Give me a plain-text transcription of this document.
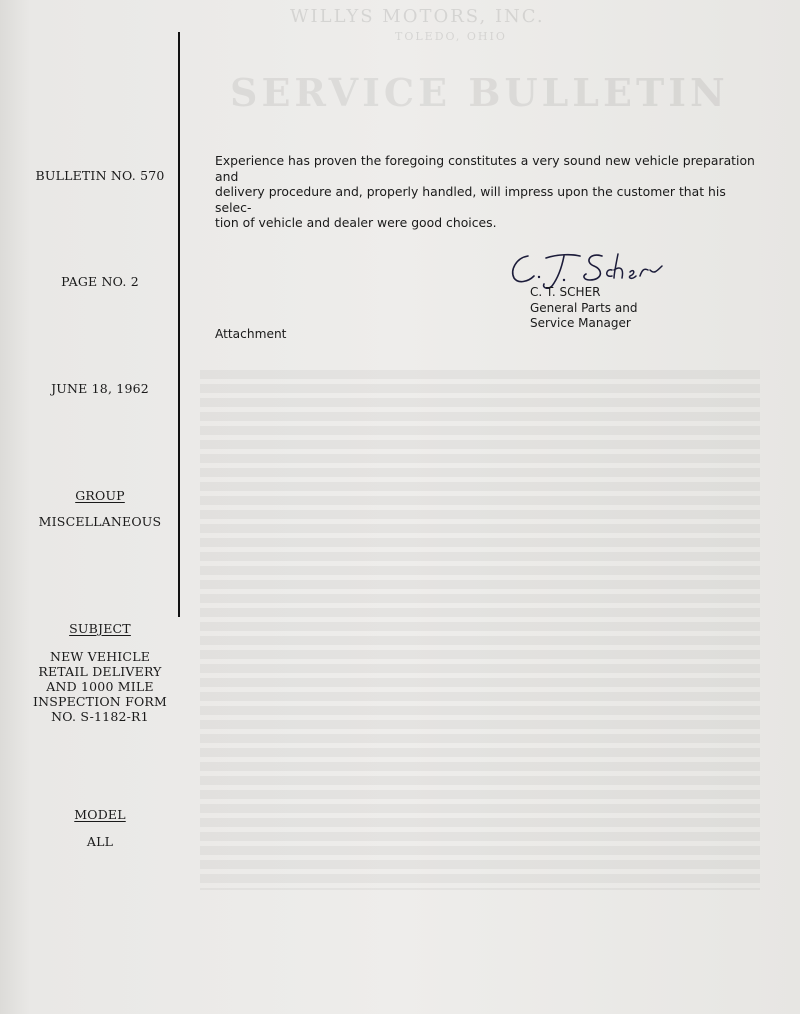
WILLYS MOTORS, INC.
TOLEDO, OHIO
SERVICE BULLETIN
BULLETIN NO. 570
PAGE NO. 2
JUNE 18, 1962
GROUP
MISCELLANEOUS
SUBJECT
NEW VEHICLE
RETAIL DELIVERY
AND 1000 MILE
INSPECTION FORM
NO. S-1182-R1
MODEL
ALL
Experience has proven the foregoing constitutes a very sound new vehicle preparation and
delivery procedure and, properly handled, will impress upon the customer that his selec-
tion of vehicle and dealer were good choices.
C. T. SCHER
General Parts and
Service Manager
Attachment
